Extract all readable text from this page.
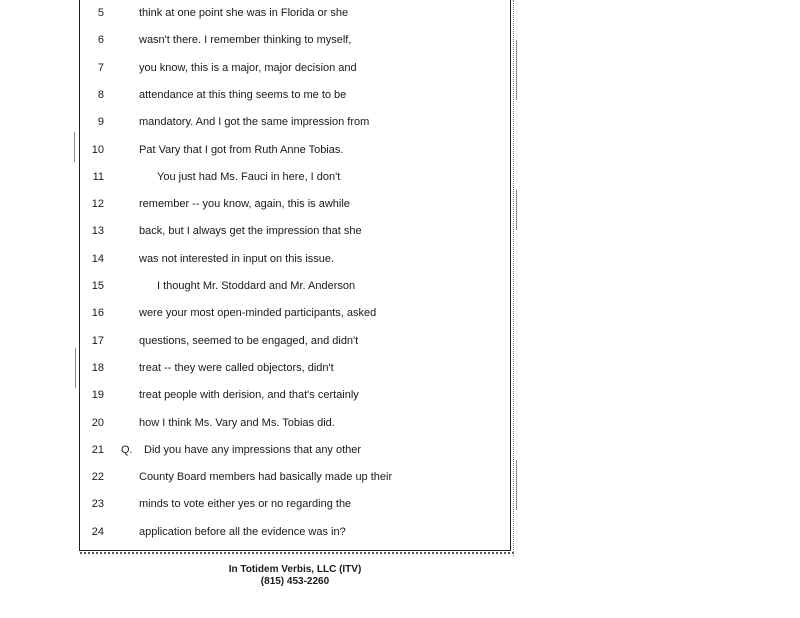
5	think at one point she was in Florida or she
6	wasn't there. I remember thinking to myself,
7	you know, this is a major, major decision and
8	attendance at this thing seems to me to be
9	mandatory. And I got the same impression from
10	Pat Vary that I got from Ruth Anne Tobias.
11	You just had Ms. Fauci in here, I don't
12	remember -- you know, again, this is awhile
13	back, but I always get the impression that she
14	was not interested in input on this issue.
15	I thought Mr. Stoddard and Mr. Anderson
16	were your most open-minded participants, asked
17	questions, seemed to be engaged, and didn't
18	treat -- they were called objectors, didn't
19	treat people with derision, and that's certainly
20	how I think Ms. Vary and Ms. Tobias did.
21 Q. Did you have any impressions that any other
22	County Board members had basically made up their
23	minds to vote either yes or no regarding the
24	application before all the evidence was in?
In Totidem Verbis, LLC (ITV)
(815) 453-2260
